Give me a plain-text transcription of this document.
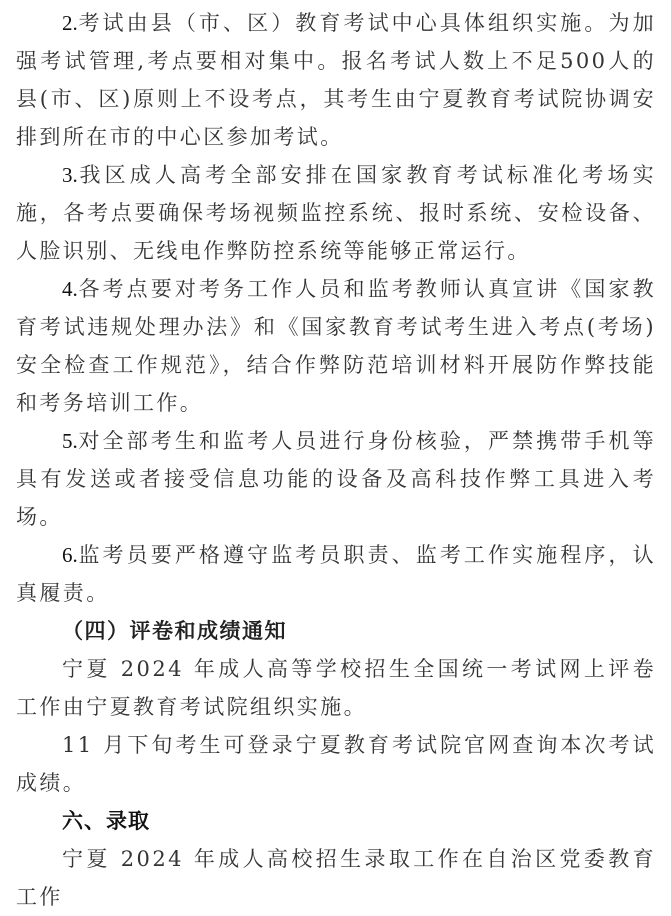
2.考试由县（市、区）教育考试中心具体组织实施。为加强考试管理,考点要相对集中。报名考试人数上不足500人的县(市、区)原则上不设考点，其考生由宁夏教育考试院协调安排到所在市的中心区参加考试。

3.我区成人高考全部安排在国家教育考试标准化考场实施，各考点要确保考场视频监控系统、报时系统、安检设备、人脸识别、无线电作弊防控系统等能够正常运行。

4.各考点要对考务工作人员和监考教师认真宣讲《国家教育考试违规处理办法》和《国家教育考试考生进入考点(考场)安全检查工作规范》，结合作弊防范培训材料开展防作弊技能和考务培训工作。

5.对全部考生和监考人员进行身份核验，严禁携带手机等具有发送或者接受信息功能的设备及高科技作弊工具进入考场。

6.监考员要严格遵守监考员职责、监考工作实施程序，认真履责。

（四）评卷和成绩通知

宁夏 2024 年成人高等学校招生全国统一考试网上评卷工作由宁夏教育考试院组织实施。

11 月下旬考生可登录宁夏教育考试院官网查询本次考试成绩。

六、录取

宁夏 2024 年成人高校招生录取工作在自治区党委教育工作
